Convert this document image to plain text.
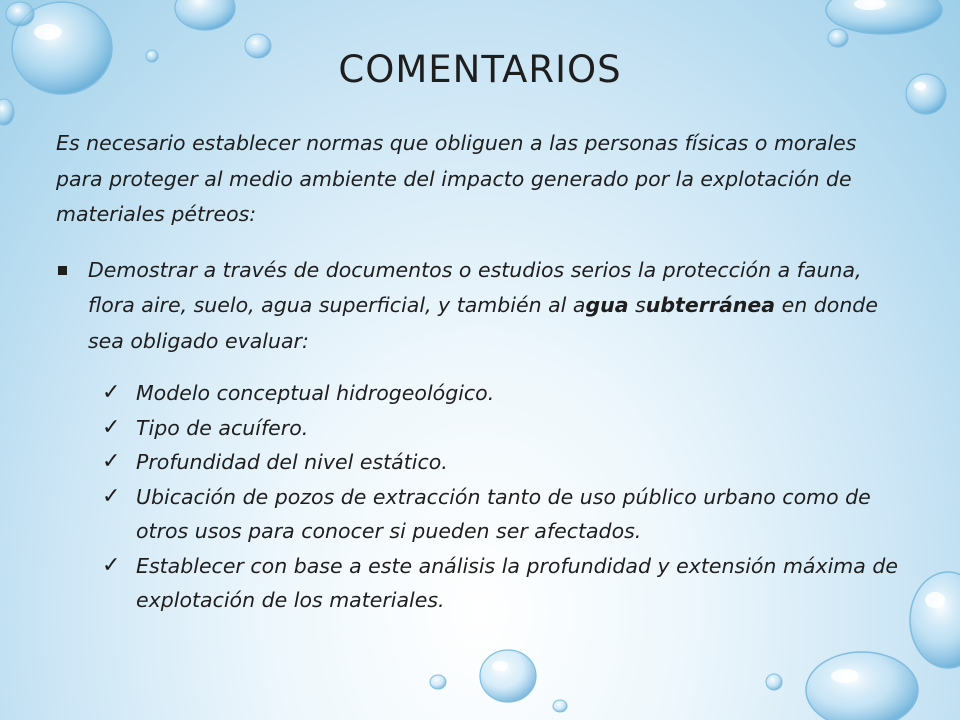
COMENTARIOS

Es necesario establecer normas que obliguen a las personas físicas o morales para proteger al medio ambiente del impacto generado por la explotación de materiales pétreos:

Demostrar a través de documentos o estudios serios la protección a fauna, flora aire, suelo, agua superficial, y también al agua subterránea en donde sea obligado evaluar:

✓ Modelo conceptual hidrogeológico.
✓ Tipo de acuífero.
✓ Profundidad del nivel estático.
✓ Ubicación de pozos de extracción tanto de uso público urbano como de otros usos para conocer si pueden ser afectados.
✓ Establecer con base a este análisis la profundidad y extensión máxima de explotación de los materiales.
